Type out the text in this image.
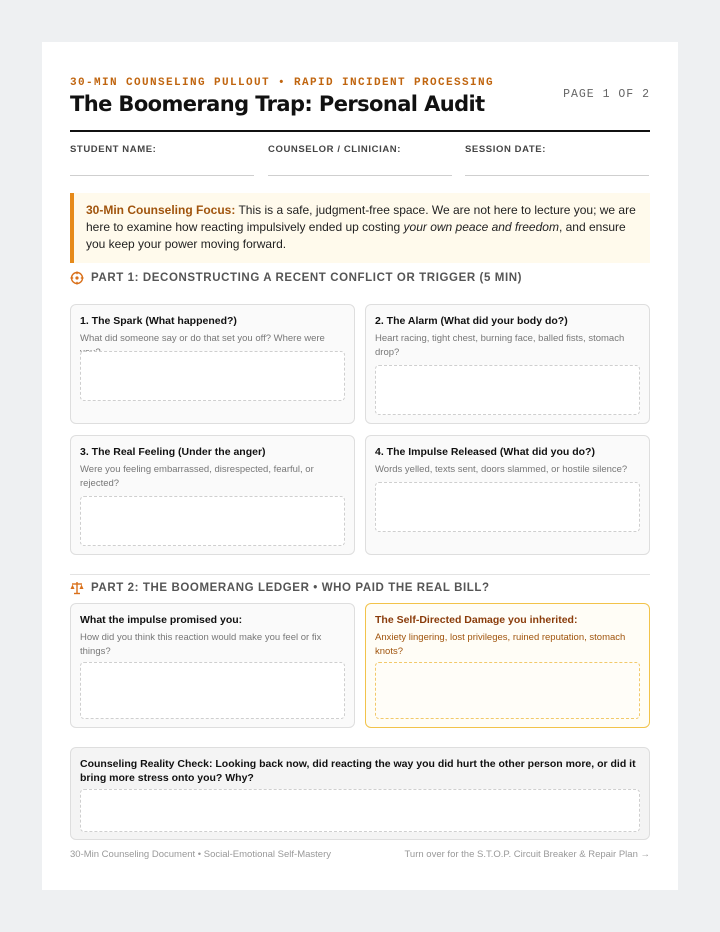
30-MIN COUNSELING PULLOUT • RAPID INCIDENT PROCESSING
The Boomerang Trap: Personal Audit	PAGE 1 OF 2
STUDENT NAME:	COUNSELOR / CLINICIAN:	SESSION DATE:
30-Min Counseling Focus: This is a safe, judgment-free space. We are not here to lecture you; we are here to examine how reacting impulsively ended up costing your own peace and freedom, and ensure you keep your power moving forward.
PART 1: DECONSTRUCTING A RECENT CONFLICT OR TRIGGER (5 MIN)
1. The Spark (What happened?)
What did someone say or do that set you off? Where were
2. The Alarm (What did your body do?)
Heart racing, tight chest, burning face, balled fists, stomach drop?
3. The Real Feeling (Under the anger)
Were you feeling embarrassed, disrespected, fearful, or rejected?
4. The Impulse Released (What did you do?)
Words yelled, texts sent, doors slammed, or hostile silence?
PART 2: THE BOOMERANG LEDGER • WHO PAID THE REAL BILL?
What the impulse promised you:
How did you think this reaction would make you feel or fix things?
The Self-Directed Damage you inherited:
Anxiety lingering, lost privileges, ruined reputation, stomach knots?
Counseling Reality Check: Looking back now, did reacting the way you did hurt the other person more, or did it bring more stress onto you? Why?
30-Min Counseling Document • Social-Emotional Self-Mastery	Turn over for the S.T.O.P. Circuit Breaker & Repair Plan →
